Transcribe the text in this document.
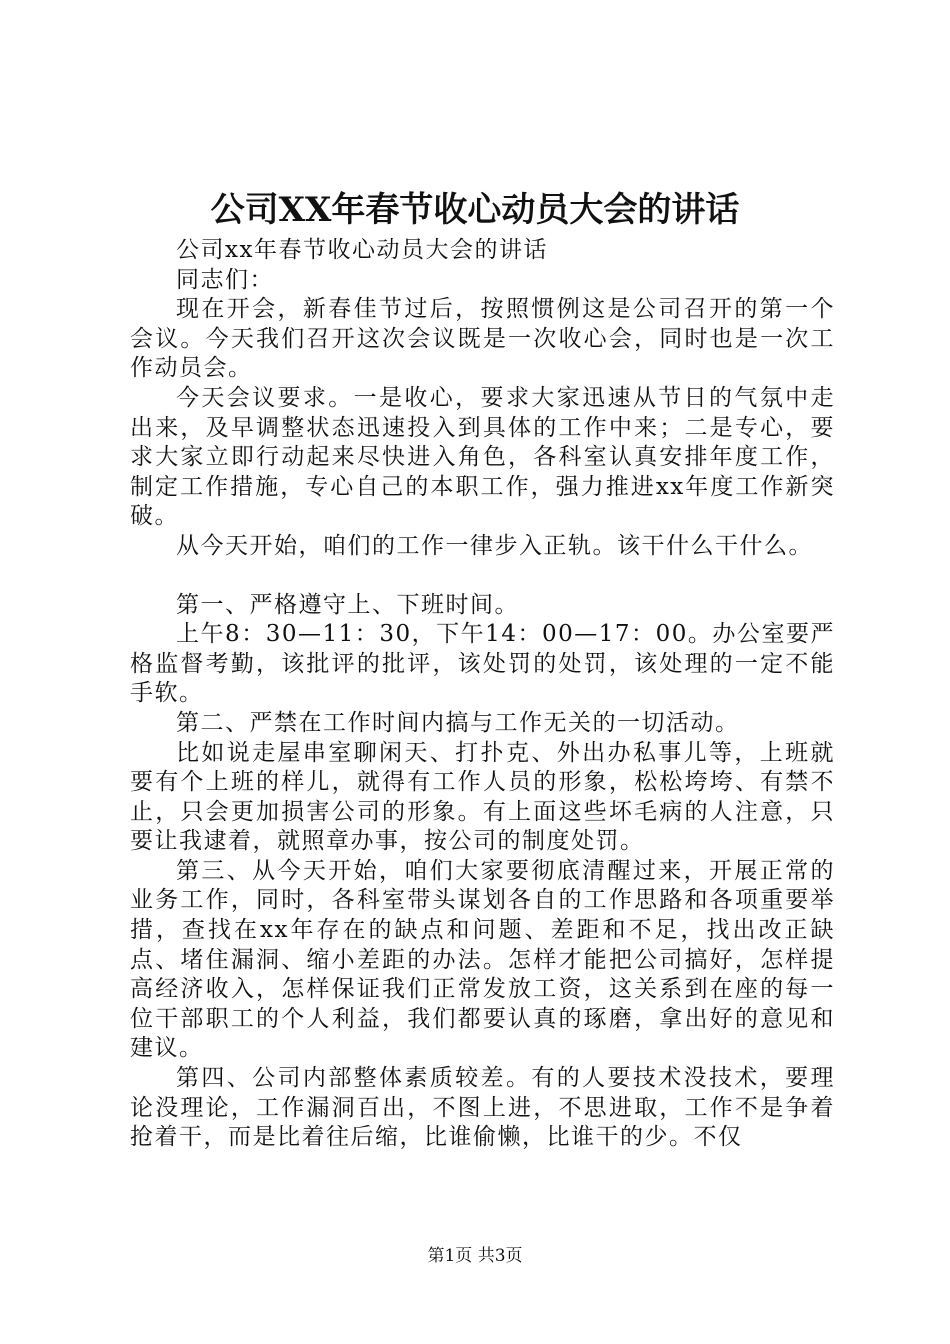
公司XX年春节收心动员大会的讲话

公司xx年春节收心动员大会的讲话

同志们：

现在开会，新春佳节过后，按照惯例这是公司召开的第一个会议。今天我们召开这次会议既是一次收心会，同时也是一次工作动员会。

今天会议要求。一是收心，要求大家迅速从节日的气氛中走出来，及早调整状态迅速投入到具体的工作中来；二是专心，要求大家立即行动起来尽快进入角色，各科室认真安排年度工作，制定工作措施，专心自己的本职工作，强力推进xx年度工作新突破。

从今天开始，咱们的工作一律步入正轨。该干什么干什么。

第一、严格遵守上、下班时间。

上午8：30—11：30，下午14：00—17：00。办公室要严格监督考勤，该批评的批评，该处罚的处罚，该处理的一定不能手软。

第二、严禁在工作时间内搞与工作无关的一切活动。

比如说走屋串室聊闲天、打扑克、外出办私事儿等，上班就要有个上班的样儿，就得有工作人员的形象，松松垮垮、有禁不止，只会更加损害公司的形象。有上面这些坏毛病的人注意，只要让我逮着，就照章办事，按公司的制度处罚。

第三、从今天开始，咱们大家要彻底清醒过来，开展正常的业务工作，同时，各科室带头谋划各自的工作思路和各项重要举措，查找在xx年存在的缺点和问题、差距和不足，找出改正缺点、堵住漏洞、缩小差距的办法。怎样才能把公司搞好，怎样提高经济收入，怎样保证我们正常发放工资，这关系到在座的每一位干部职工的个人利益，我们都要认真的琢磨，拿出好的意见和建议。

第四、公司内部整体素质较差。有的人要技术没技术，要理论没理论，工作漏洞百出，不图上进，不思进取，工作不是争着抢着干，而是比着往后缩，比谁偷懒，比谁干的少。不仅

第1页 共3页
